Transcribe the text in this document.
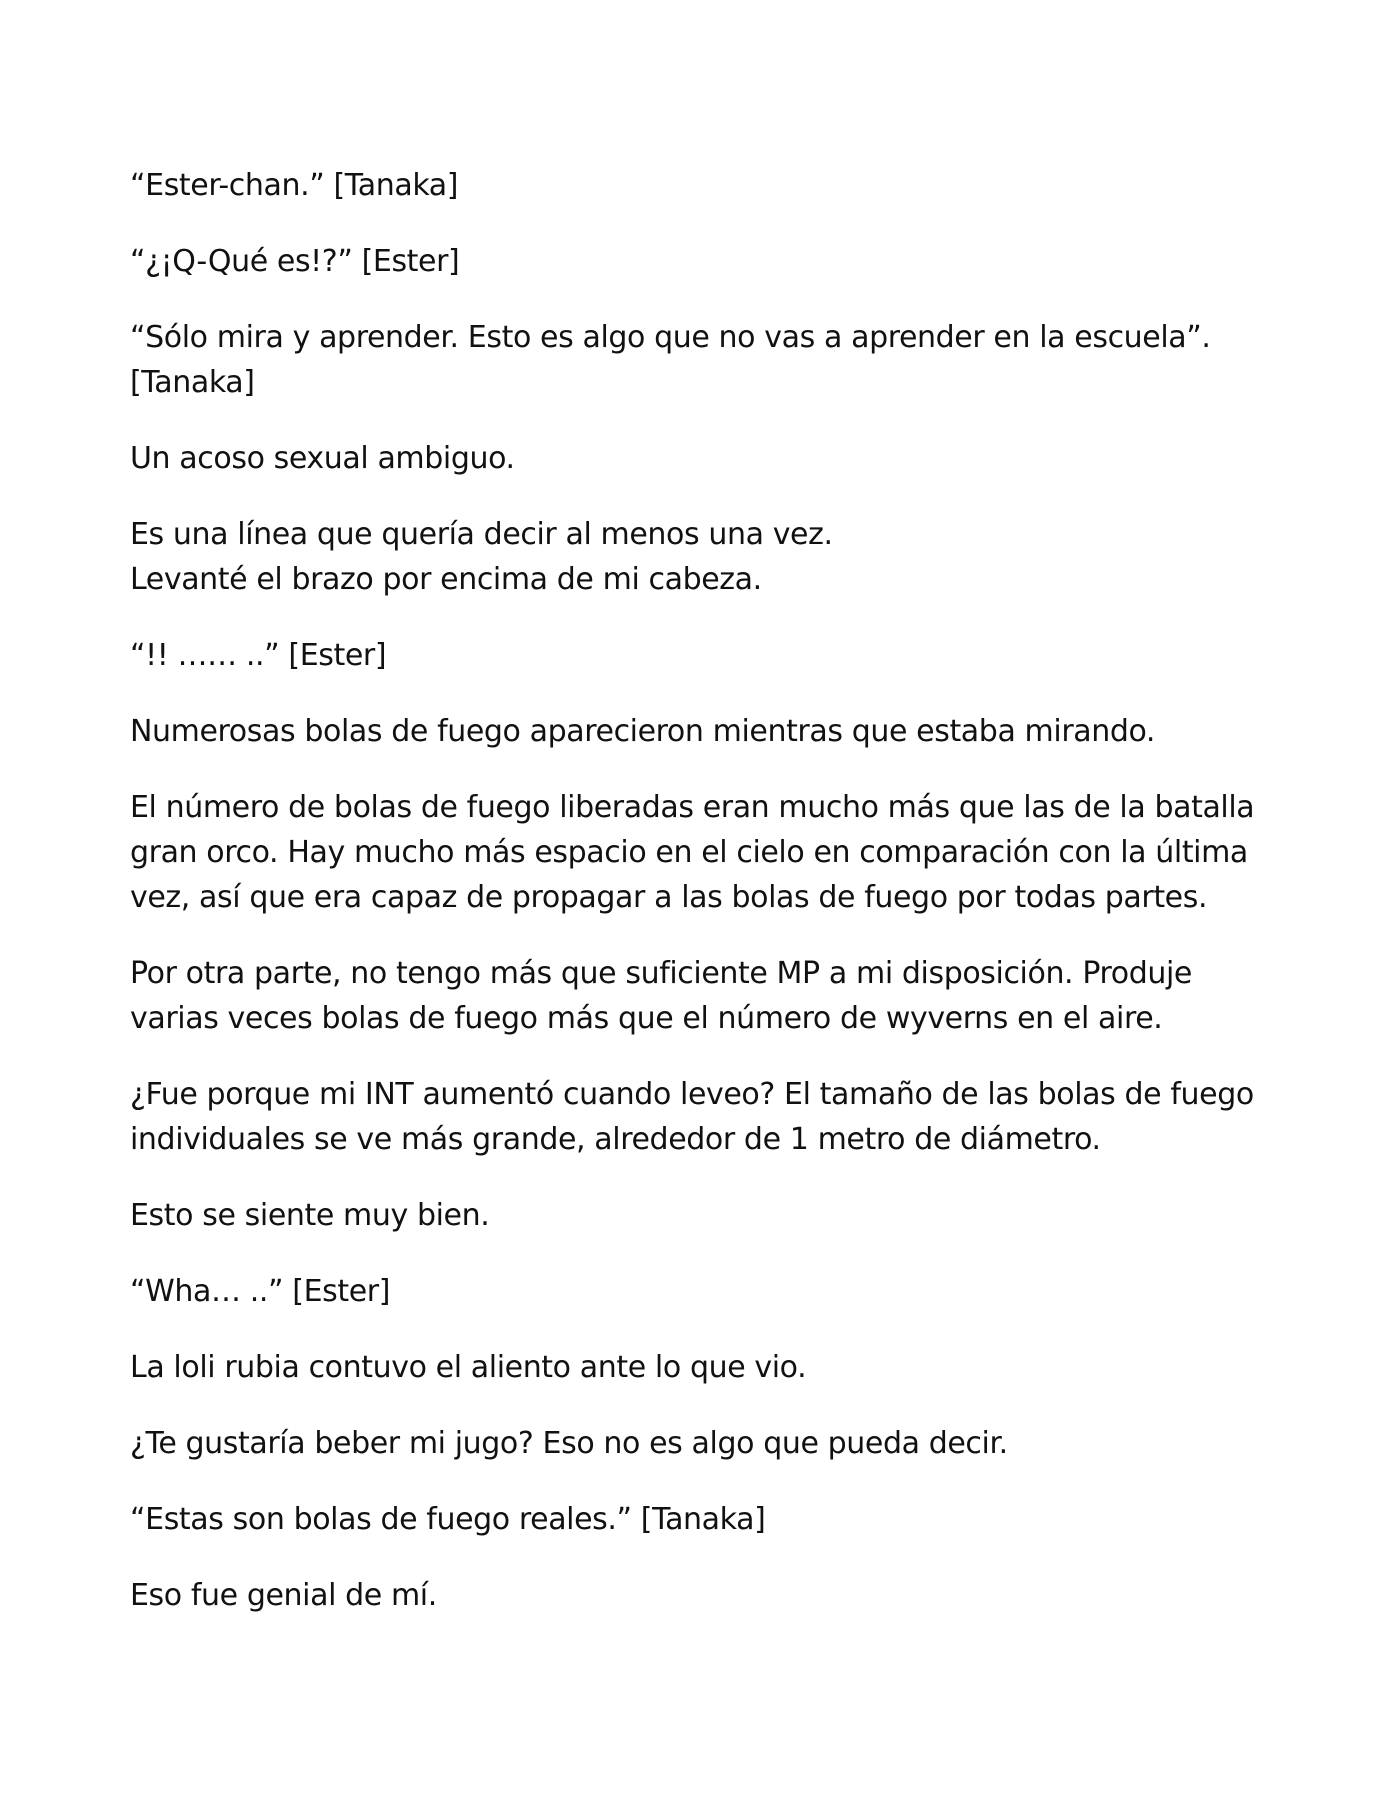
“Ester-chan.” [Tanaka]

“¿¡Q-Qué es!?” [Ester]

“Sólo mira y aprender. Esto es algo que no vas a aprender en la escuela”.
[Tanaka]

Un acoso sexual ambiguo.

Es una línea que quería decir al menos una vez.
Levanté el brazo por encima de mi cabeza.

“!! …… ..” [Ester]

Numerosas bolas de fuego aparecieron mientras que estaba mirando.

El número de bolas de fuego liberadas eran mucho más que las de la batalla
gran orco. Hay mucho más espacio en el cielo en comparación con la última
vez, así que era capaz de propagar a las bolas de fuego por todas partes.

Por otra parte, no tengo más que suficiente MP a mi disposición. Produje
varias veces bolas de fuego más que el número de wyverns en el aire.

¿Fue porque mi INT aumentó cuando leveo? El tamaño de las bolas de fuego
individuales se ve más grande, alrededor de 1 metro de diámetro.

Esto se siente muy bien.

“Wha… ..” [Ester]

La loli rubia contuvo el aliento ante lo que vio.

¿Te gustaría beber mi jugo? Eso no es algo que pueda decir.

“Estas son bolas de fuego reales.” [Tanaka]

Eso fue genial de mí.
